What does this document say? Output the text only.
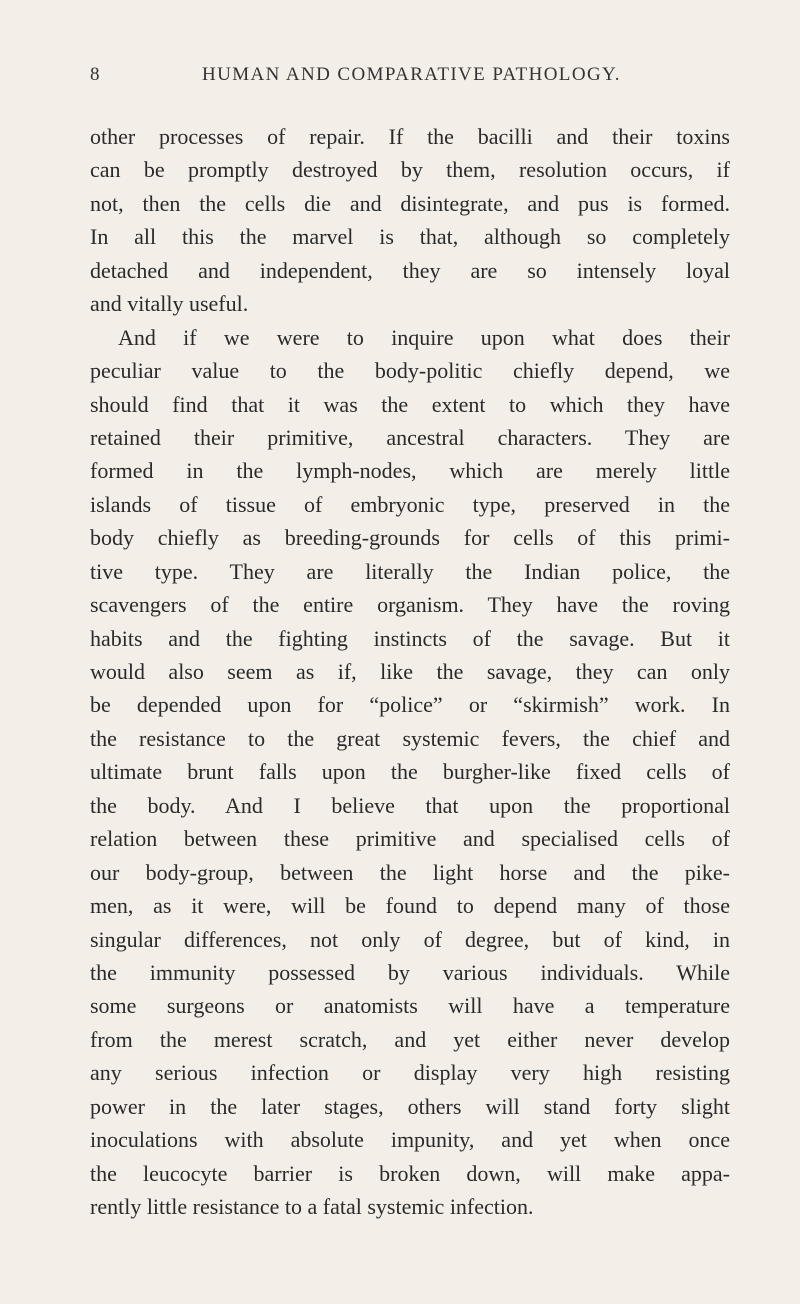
8	HUMAN AND COMPARATIVE PATHOLOGY.
other processes of repair. If the bacilli and their toxins
can be promptly destroyed by them, resolution occurs, if
not, then the cells die and disintegrate, and pus is formed.
In all this the marvel is that, although so completely
detached and independent, they are so intensely loyal
and vitally useful.
And if we were to inquire upon what does their
peculiar value to the body-politic chiefly depend, we
should find that it was the extent to which they have
retained their primitive, ancestral characters. They are
formed in the lymph-nodes, which are merely little
islands of tissue of embryonic type, preserved in the
body chiefly as breeding-grounds for cells of this primi-
tive type. They are literally the Indian police, the
scavengers of the entire organism. They have the roving
habits and the fighting instincts of the savage. But it
would also seem as if, like the savage, they can only
be depended upon for “police” or “skirmish” work. In
the resistance to the great systemic fevers, the chief and
ultimate brunt falls upon the burgher-like fixed cells of
the body. And I believe that upon the proportional
relation between these primitive and specialised cells of
our body-group, between the light horse and the pike-
men, as it were, will be found to depend many of those
singular differences, not only of degree, but of kind, in
the immunity possessed by various individuals. While
some surgeons or anatomists will have a temperature
from the merest scratch, and yet either never develop
any serious infection or display very high resisting
power in the later stages, others will stand forty slight
inoculations with absolute impunity, and yet when once
the leucocyte barrier is broken down, will make appa-
rently little resistance to a fatal systemic infection.
